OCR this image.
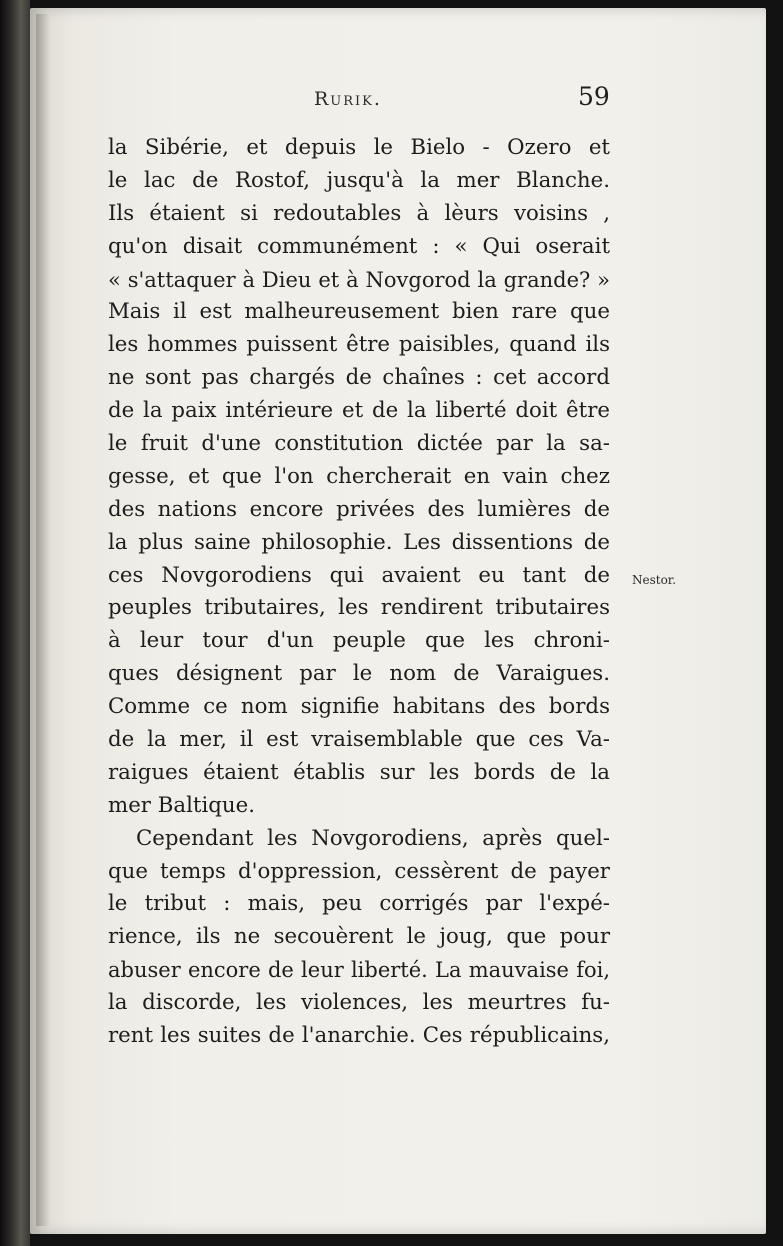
Rurik.	59
la Sibérie, et depuis le Bielo - Ozero et
le lac de Rostof, jusqu'à la mer Blanche.
Ils étaient si redoutables à lèurs voisins ,
qu'on disait communément : « Qui oserait
« s'attaquer à Dieu et à Novgorod la grande? »
Mais il est malheureusement bien rare que
les hommes puissent être paisibles, quand ils
ne sont pas chargés de chaînes : cet accord
de la paix intérieure et de la liberté doit être
le fruit d'une constitution dictée par la sa-
gesse, et que l'on chercherait en vain chez
des nations encore privées des lumières de
la plus saine philosophie. Les dissentions de
ces Novgorodiens qui avaient eu tant de
peuples tributaires, les rendirent tributaires
à leur tour d'un peuple que les chroni-
ques désignent par le nom de Varaigues.
Comme ce nom signifie habitans des bords
de la mer, il est vraisemblable que ces Va-
raigues étaient établis sur les bords de la
mer Baltique.
Cependant les Novgorodiens, après quel-
que temps d'oppression, cessèrent de payer
le tribut : mais, peu corrigés par l'expé-
rience, ils ne secouèrent le joug, que pour
abuser encore de leur liberté. La mauvaise foi,
la discorde, les violences, les meurtres fu-
rent les suites de l'anarchie. Ces républicains,
Nestor.
